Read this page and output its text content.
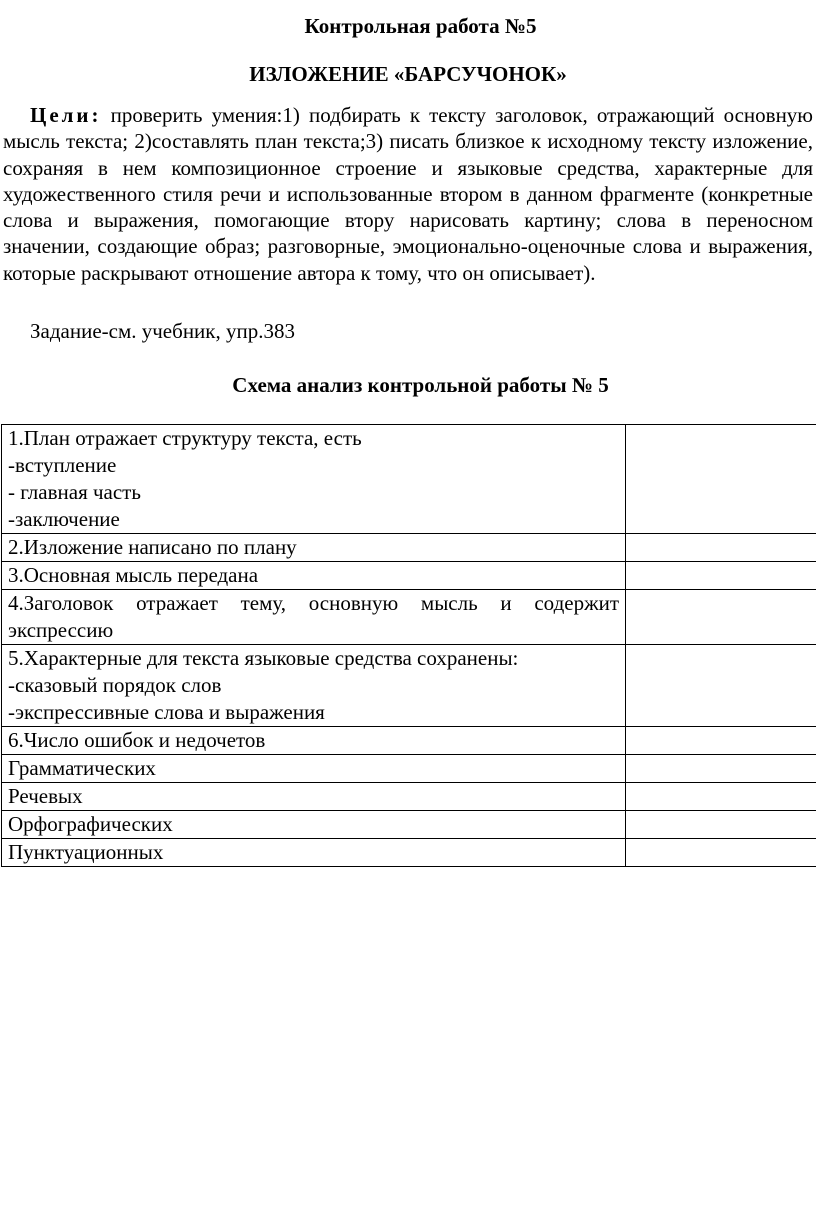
Контрольная работа №5
ИЗЛОЖЕНИЕ «БАРСУЧОНОК»

Цели: проверить умения:1) подбирать к тексту заголовок, отражающий основную мысль текста; 2)составлять план текста;3) писать близкое к исходному тексту изложение, сохраняя в нем композиционное строение и языковые средства, характерные для художественного стиля речи и использованные втором в данном фрагменте (конкретные слова и выражения, помогающие втору нарисовать картину; слова в переносном значении, создающие образ; разговорные, эмоционально-оценочные слова и выражения, которые раскрывают отношение автора к тому, что он описывает).

Задание-см. учебник, упр.383

Схема анализ контрольной работы № 5
1.План отражает структуру текста, есть
-вступление
- главная часть
-заключение	

2.Изложение написано по плану	

3.Основная мысль передана	

4.Заголовок отражает тему, основную мысль и содержит
экспрессию	

5.Характерные для текста языковые средства сохранены:
-сказовый порядок слов
-экспрессивные слова и выражения	

6.Число ошибок и недочетов	

Грамматических	

Речевых	

Орфографических	

Пунктуационных	
